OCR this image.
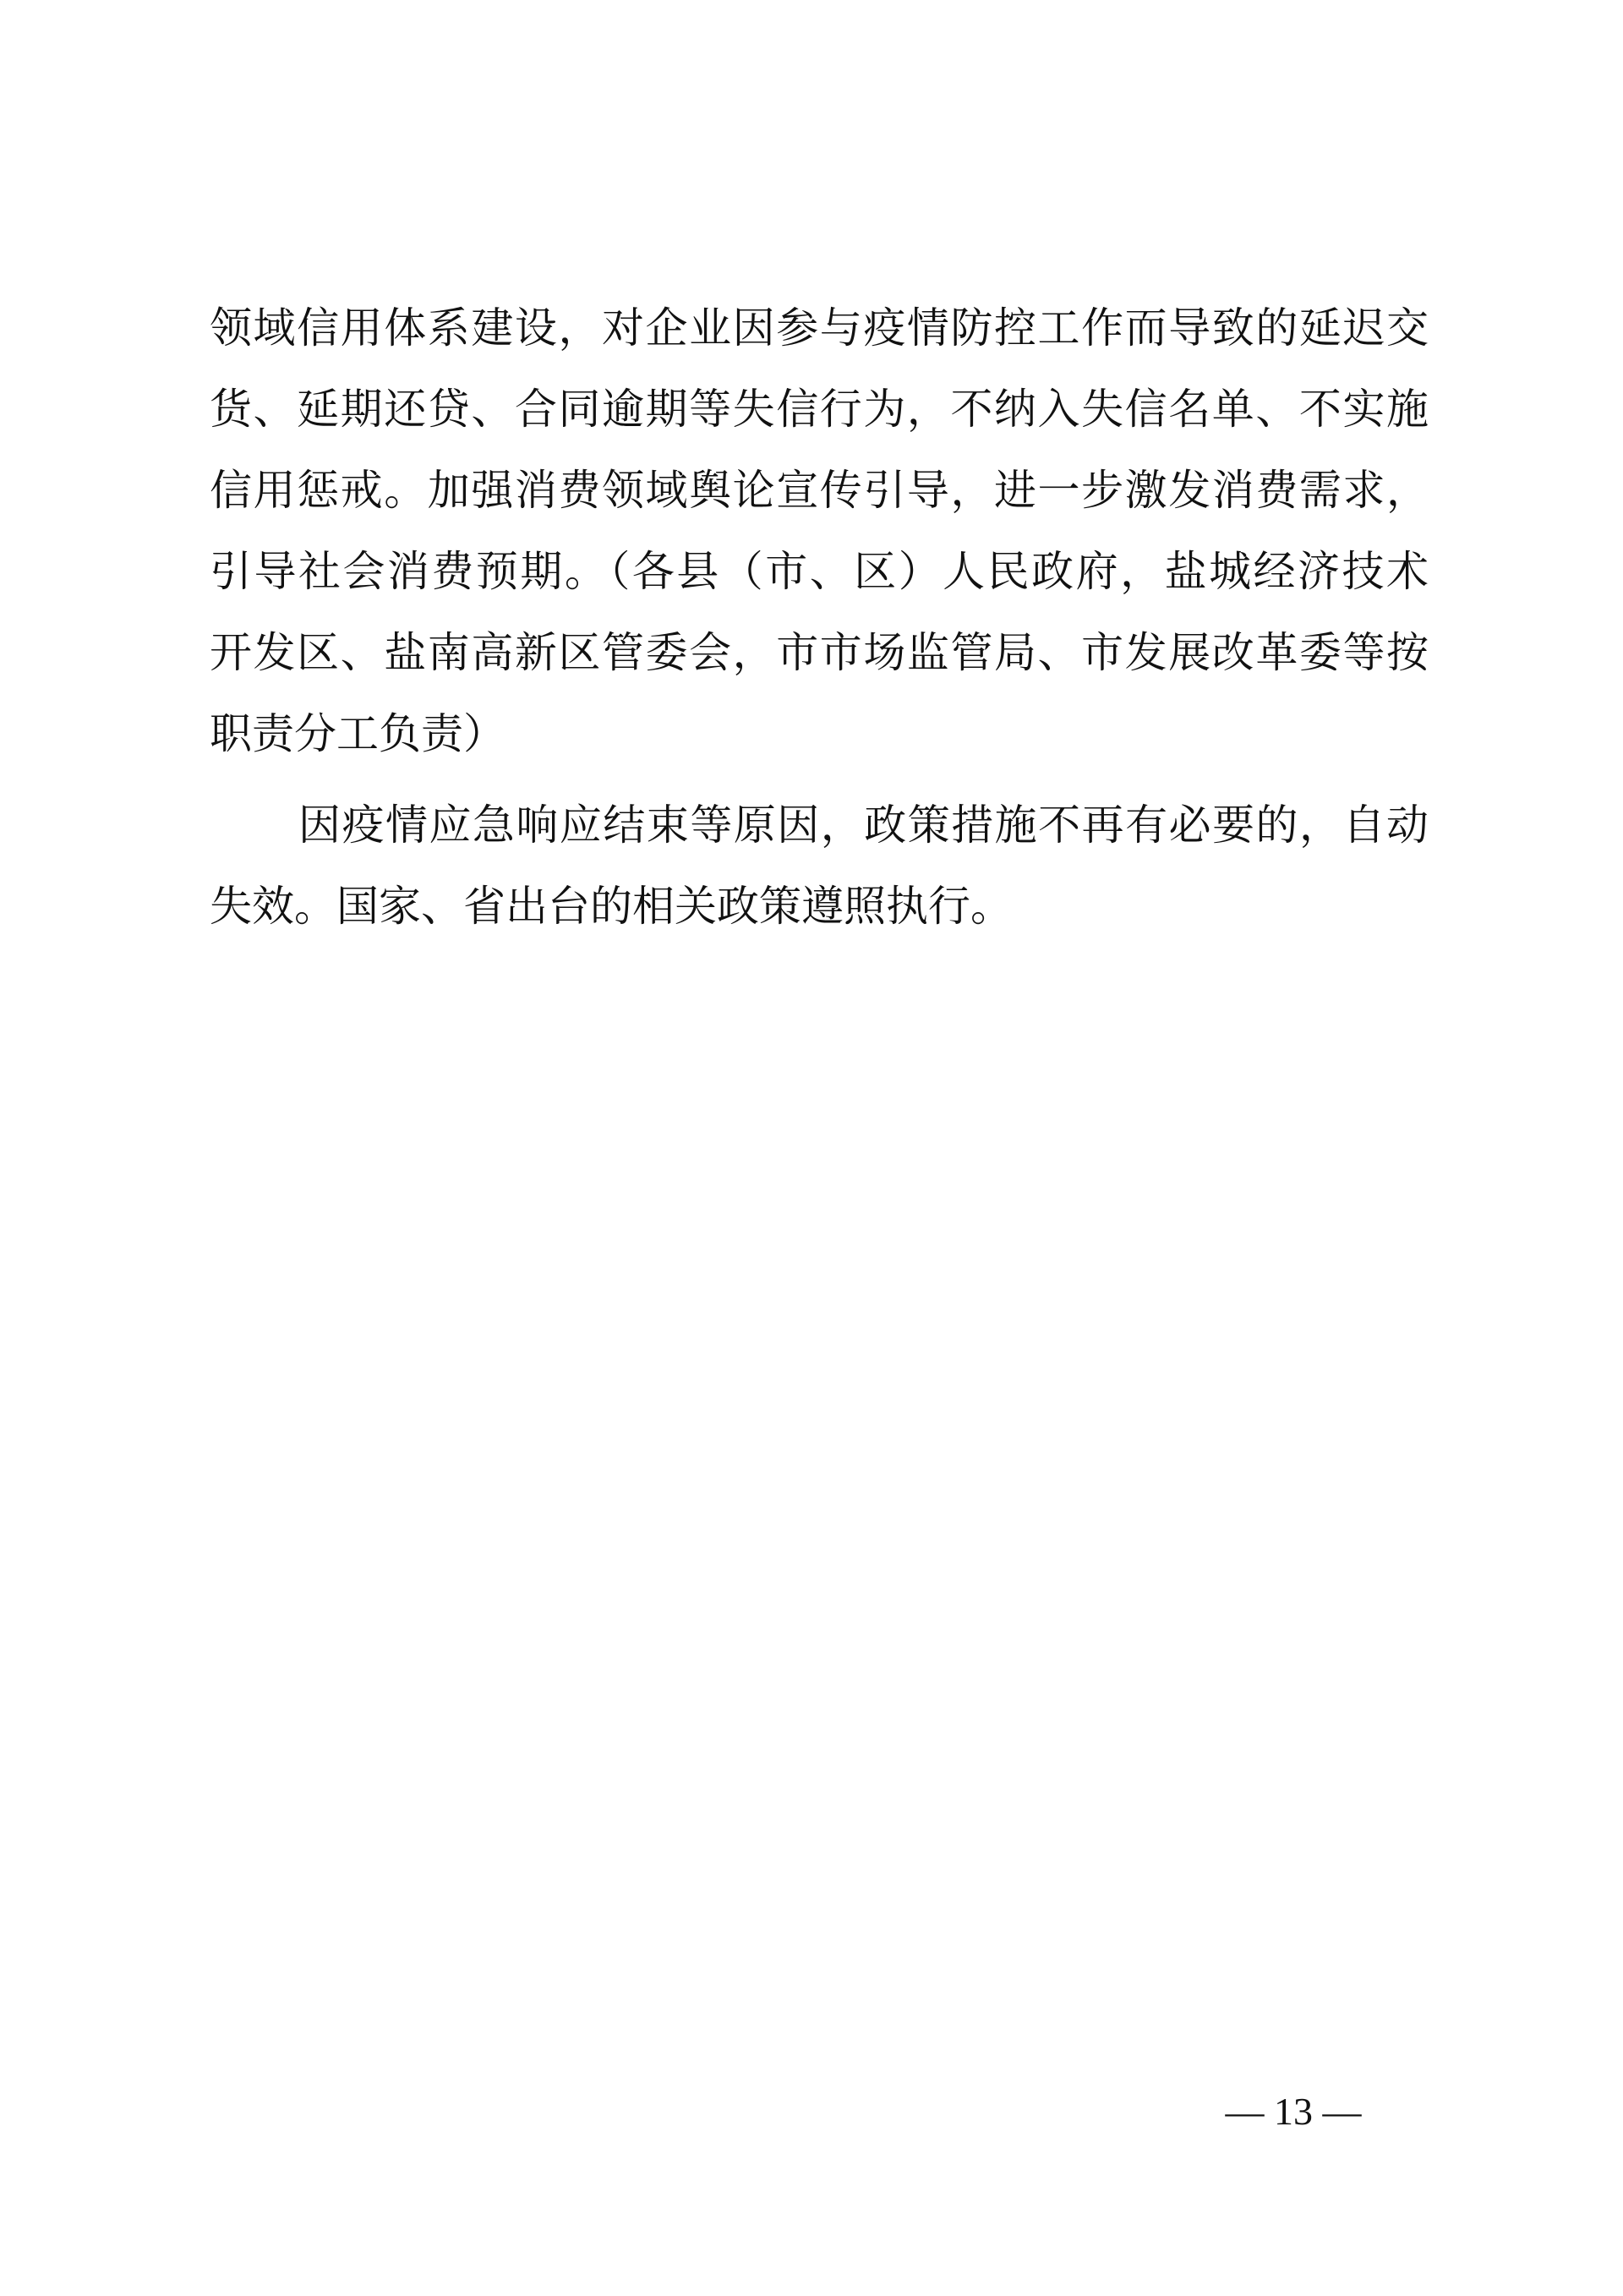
领域信用体系建设，对企业因参与疫情防控工作而导致的延迟交
货、延期还贷、合同逾期等失信行为，不纳入失信名单、不实施
信用惩戒。加强消费领域舆论宣传引导，进一步激发消费需求，
引导社会消费预期。（各县（市、区）人民政府，盐城经济技术
开发区、盐南高新区管委会，市市场监管局、市发展改革委等按
职责分工负责）
因疫情应急响应结束等原因，政策措施不再有必要的，自动
失效。国家、省出台的相关政策遵照执行。
— 13 —
